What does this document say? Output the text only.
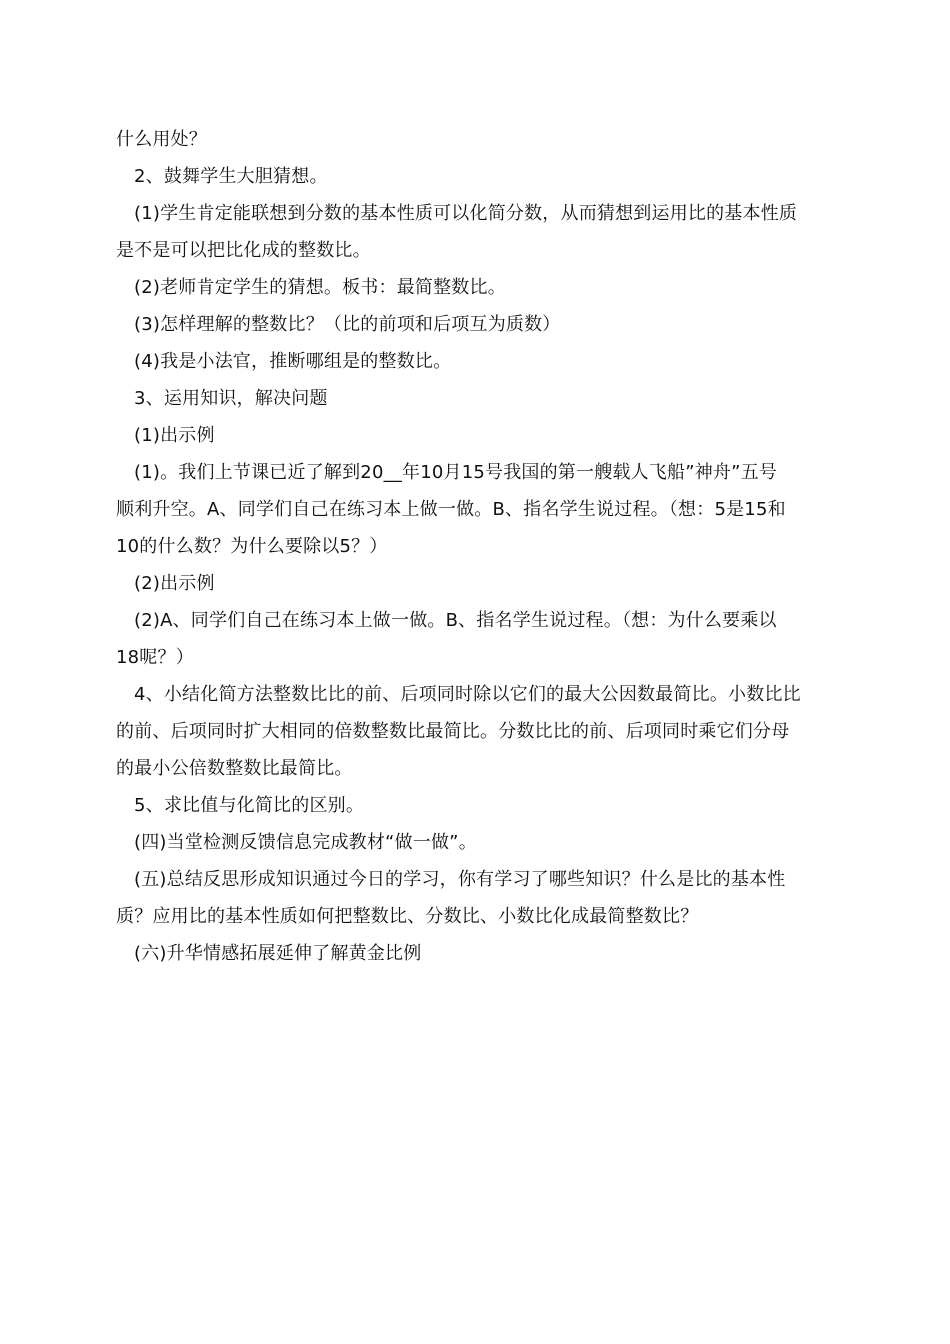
什么用处？
2、鼓舞学生大胆猜想。
(1)学生肯定能联想到分数的基本性质可以化简分数，从而猜想到运用比的基本性质
是不是可以把比化成的整数比。
(2)老师肯定学生的猜想。板书：最简整数比。
(3)怎样理解的整数比？（比的前项和后项互为质数）
(4)我是小法官，推断哪组是的整数比。
3、运用知识，解决问题
(1)出示例
(1)。我们上节课已近了解到20__年10月15号我国的第一艘载人飞船”神舟”五号
顺利升空。A、同学们自己在练习本上做一做。B、指名学生说过程。（想：5是15和
10的什么数？为什么要除以5？）
(2)出示例
(2)A、同学们自己在练习本上做一做。B、指名学生说过程。（想：为什么要乘以
18呢？）
4、小结化简方法整数比比的前、后项同时除以它们的最大公因数最简比。小数比比
的前、后项同时扩大相同的倍数整数比最简比。分数比比的前、后项同时乘它们分母
的最小公倍数整数比最简比。
5、求比值与化简比的区别。
(四)当堂检测反馈信息完成教材“做一做”。
(五)总结反思形成知识通过今日的学习，你有学习了哪些知识？什么是比的基本性
质？应用比的基本性质如何把整数比、分数比、小数比化成最简整数比？
(六)升华情感拓展延伸了解黄金比例
